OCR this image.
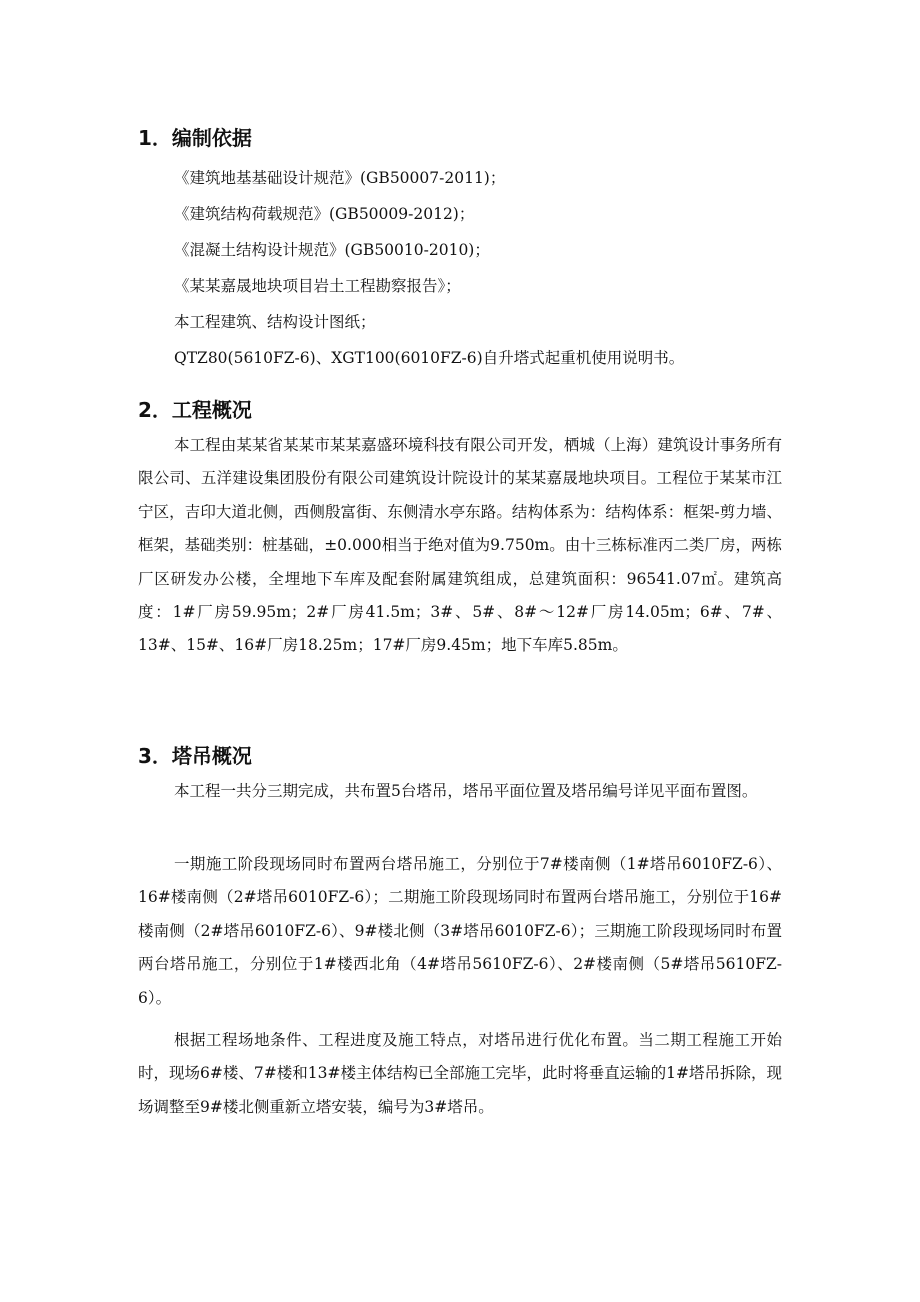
1．编制依据
《建筑地基基础设计规范》(GB50007-2011)；
《建筑结构荷载规范》(GB50009-2012)；
《混凝土结构设计规范》(GB50010-2010)；
《某某嘉晟地块项目岩土工程勘察报告》；
本工程建筑、结构设计图纸；
QTZ80(5610FZ-6)、XGT100(6010FZ-6)自升塔式起重机使用说明书。
2．工程概况

本工程由某某省某某市某某嘉盛环境科技有限公司开发，栖城（上海）建筑设计事务所有限公司、五洋建设集团股份有限公司建筑设计院设计的某某嘉晟地块项目。工程位于某某市江宁区，吉印大道北侧，西侧殷富街、东侧清水亭东路。结构体系为：结构体系：框架-剪力墙、框架，基础类别：桩基础，±0.000相当于绝对值为9.750m。由十三栋标准丙二类厂房，两栋厂区研发办公楼，全埋地下车库及配套附属建筑组成，总建筑面积：96541.07㎡。建筑高度：1#厂房59.95m；2#厂房41.5m；3#、5#、8#～12#厂房14.05m；6#、7#、13#、15#、16#厂房18.25m；17#厂房9.45m；地下车库5.85m。

3．塔吊概况

本工程一共分三期完成，共布置5台塔吊，塔吊平面位置及塔吊编号详见平面布置图。

一期施工阶段现场同时布置两台塔吊施工，分别位于7#楼南侧（1#塔吊6010FZ-6）、16#楼南侧（2#塔吊6010FZ-6）；二期施工阶段现场同时布置两台塔吊施工，分别位于16#楼南侧（2#塔吊6010FZ-6）、9#楼北侧（3#塔吊6010FZ-6）；三期施工阶段现场同时布置两台塔吊施工，分别位于1#楼西北角（4#塔吊5610FZ-6）、2#楼南侧（5#塔吊5610FZ-6）。

根据工程场地条件、工程进度及施工特点，对塔吊进行优化布置。当二期工程施工开始时，现场6#楼、7#楼和13#楼主体结构已全部施工完毕，此时将垂直运输的1#塔吊拆除，现场调整至9#楼北侧重新立塔安装，编号为3#塔吊。
